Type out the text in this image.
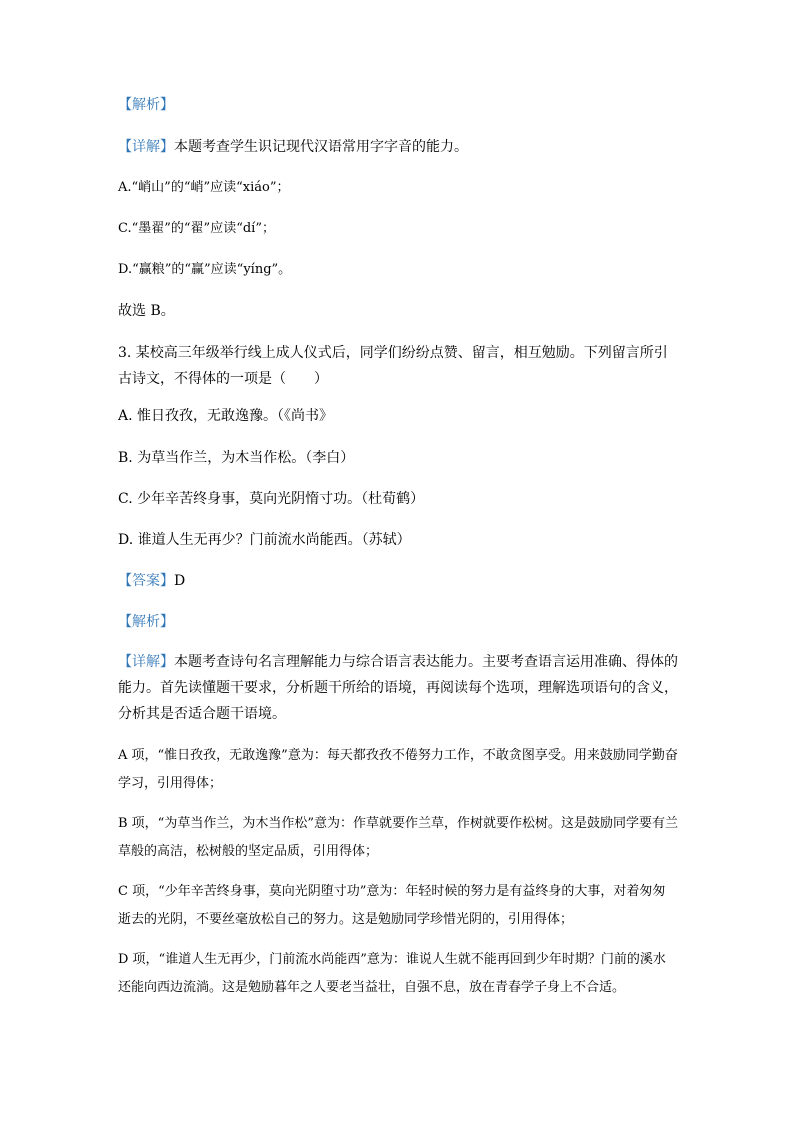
【解析】
【详解】本题考查学生识记现代汉语常用字字音的能力。
A.“峭山”的“峭”应读“xiáo”；
C.“墨翟”的“翟”应读“dí”；
D.“赢粮”的“赢”应读“yíng”。
故选 B。
3. 某校高三年级举行线上成人仪式后，同学们纷纷点赞、留言，相互勉励。下列留言所引古诗文，不得体的一项是（　　）
A. 惟日孜孜，无敢逸豫。（《尚书》
B. 为草当作兰，为木当作松。（李白）
C. 少年辛苦终身事，莫向光阴惰寸功。（杜荀鹤）
D. 谁道人生无再少？门前流水尚能西。（苏轼）
【答案】D
【解析】
【详解】本题考查诗句名言理解能力与综合语言表达能力。主要考查语言运用准确、得体的能力。首先读懂题干要求，分析题干所给的语境，再阅读每个选项，理解选项语句的含义，分析其是否适合题干语境。
A 项，“惟日孜孜，无敢逸豫”意为：每天都孜孜不倦努力工作，不敢贪图享受。用来鼓励同学勤奋学习，引用得体；
B 项，“为草当作兰，为木当作松”意为：作草就要作兰草，作树就要作松树。这是鼓励同学要有兰草般的高洁，松树般的坚定品质，引用得体；
C 项，“少年辛苦终身事，莫向光阴堕寸功”意为：年轻时候的努力是有益终身的大事，对着匆匆逝去的光阴，不要丝毫放松自己的努力。这是勉励同学珍惜光阴的，引用得体；
D 项，“谁道人生无再少，门前流水尚能西”意为：谁说人生就不能再回到少年时期？门前的溪水还能向西边流淌。这是勉励暮年之人要老当益壮，自强不息，放在青春学子身上不合适。
